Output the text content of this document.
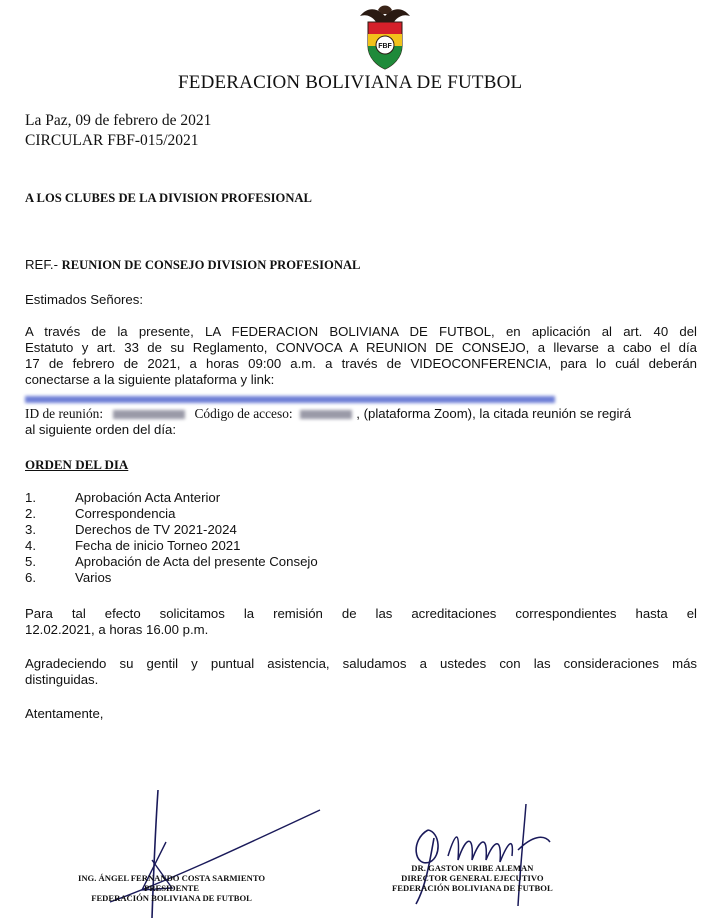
FBF
FEDERACION BOLIVIANA DE FUTBOL
La Paz, 09 de febrero de 2021
CIRCULAR FBF-015/2021
A LOS CLUBES DE LA DIVISION PROFESIONAL
REF.- REUNION DE CONSEJO DIVISION PROFESIONAL
Estimados Señores:
A través de la presente, LA FEDERACION BOLIVIANA DE FUTBOL, en aplicación al art. 40 del
Estatuto y art. 33 de su Reglamento, CONVOCA A REUNION DE CONSEJO, a llevarse a cabo el día
17 de febrero de 2021, a horas 09:00 a.m. a través de VIDEOCONFERENCIA, para lo cuál deberán
conectarse a la siguiente plataforma y link:
ID de reunión:	Código de acceso:	, (plataforma Zoom), la citada reunión se regirá
al siguiente orden del día:
ORDEN DEL DIA
1.	Aprobación Acta Anterior
2.	Correspondencia
3.	Derechos de TV 2021-2024
4.	Fecha de inicio Torneo 2021
5.	Aprobación de Acta del presente Consejo
6.	Varios
Para tal efecto solicitamos la remisión de las acreditaciones correspondientes hasta el
12.02.2021, a horas 16.00 p.m.
Agradeciendo su gentil y puntual asistencia, saludamos a ustedes con las consideraciones más
distinguidas.
Atentamente,
ING. ÁNGEL FERNANDO COSTA SARMIENTO
PRESIDENTE
FEDERACIÓN BOLIVIANA DE FUTBOL
DR. GASTON URIBE ALEMAN
DIRECTOR GENERAL EJECUTIVO
FEDERACIÓN BOLIVIANA DE FUTBOL
